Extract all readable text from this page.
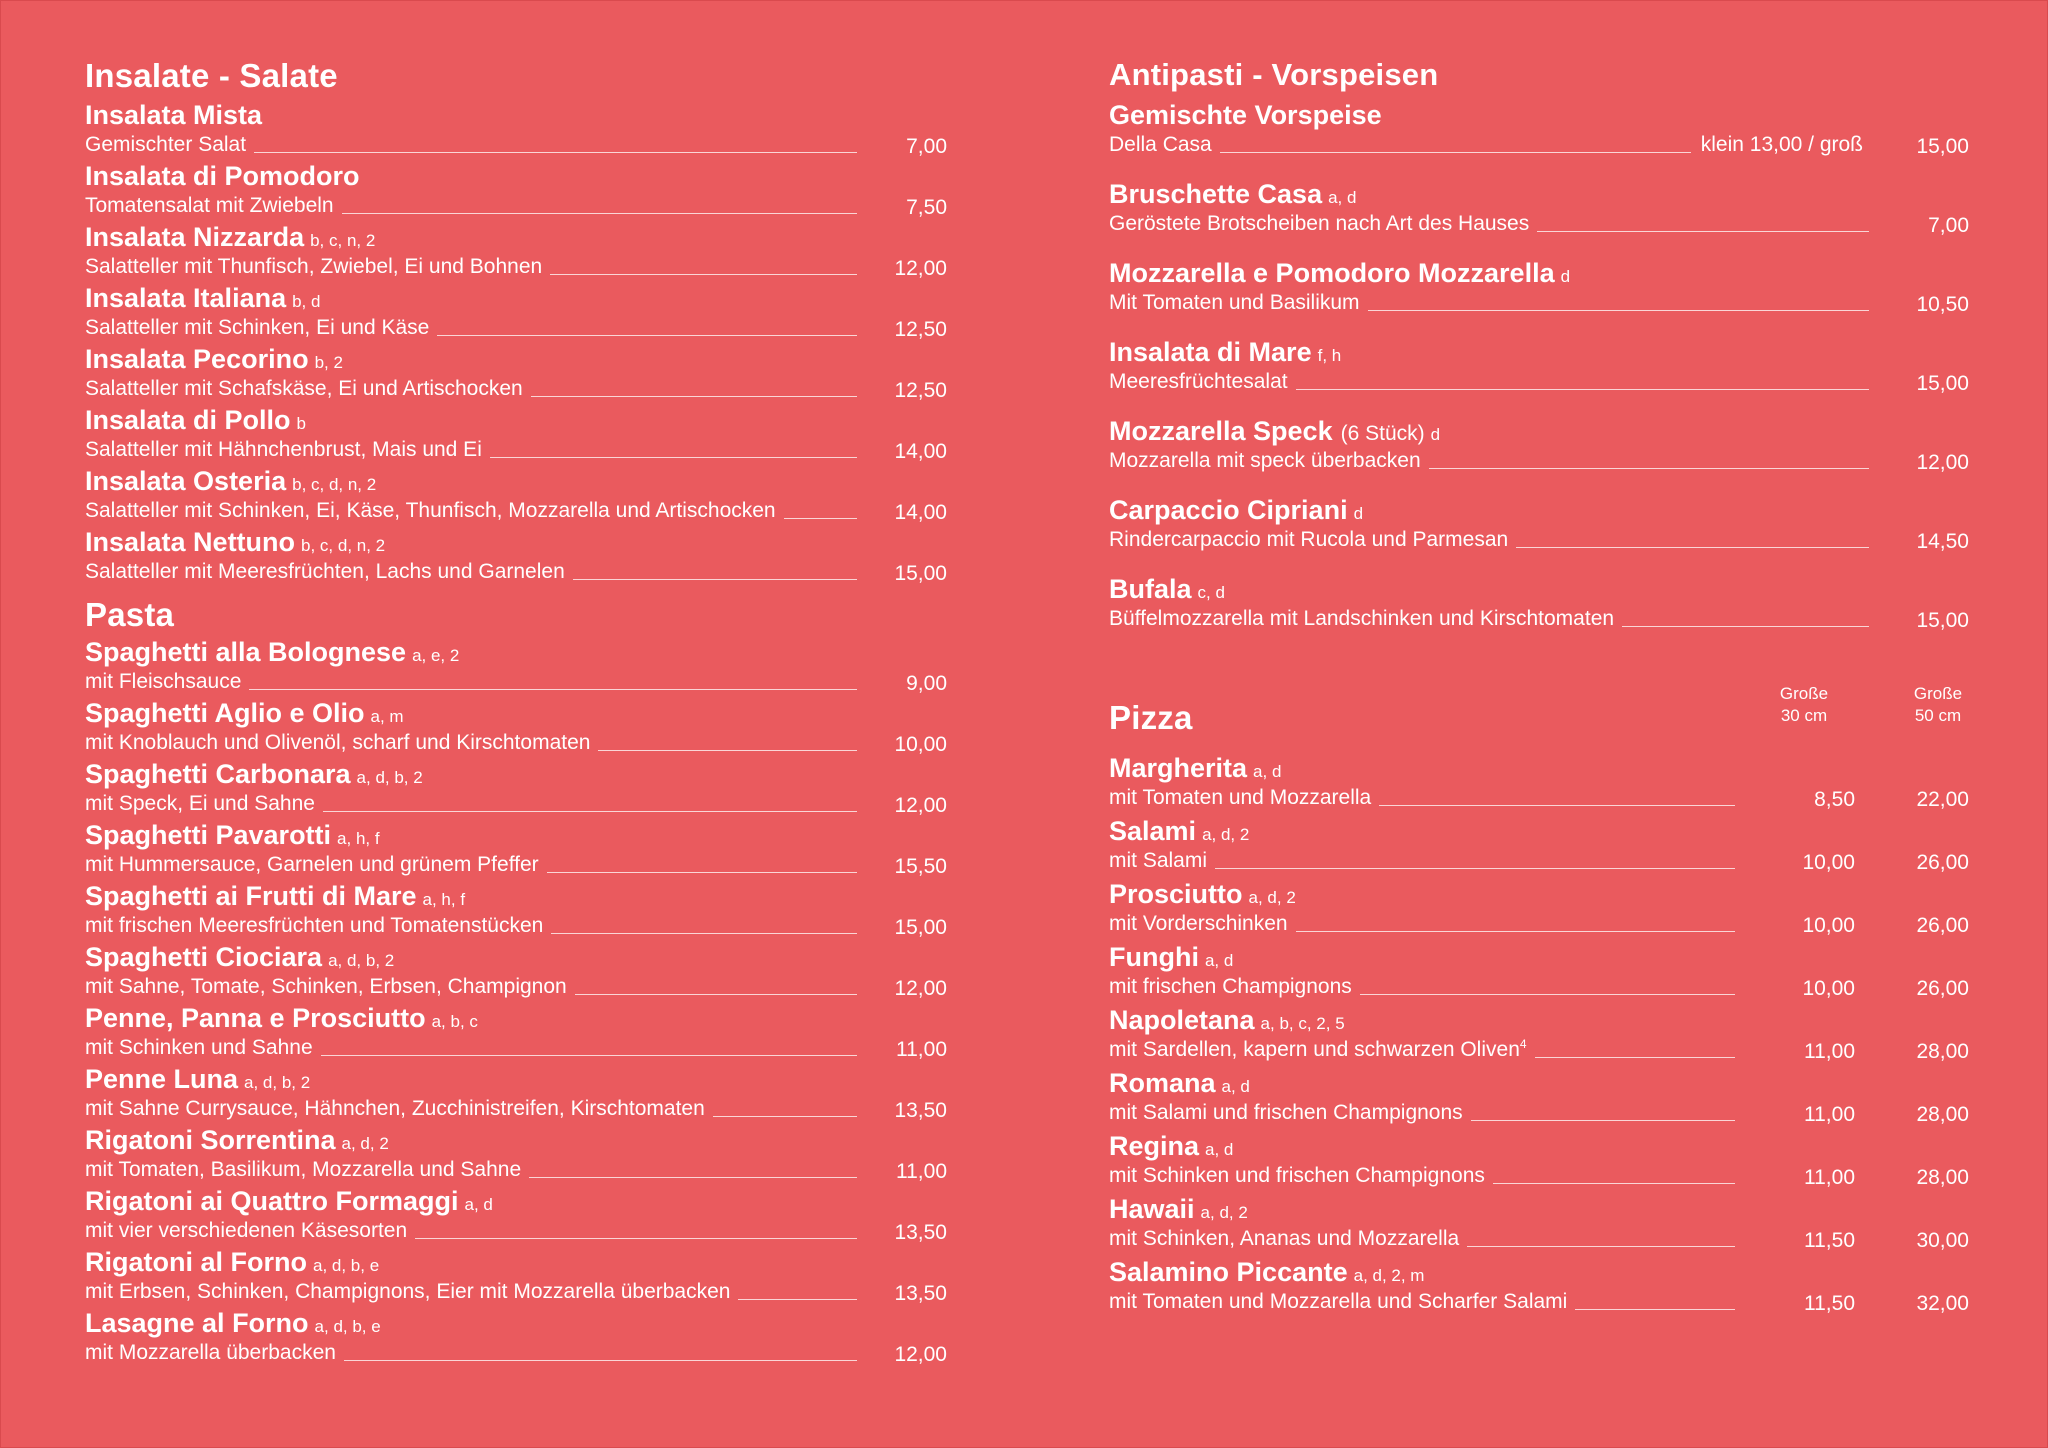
Insalate - Salate
Insalata Mista
Gemischter Salat	7,00
Insalata di Pomodoro
Tomatensalat mit Zwiebeln	7,50
Insalata Nizzarda b, c, n, 2
Salatteller mit Thunfisch, Zwiebel, Ei und Bohnen	12,00
Insalata Italiana b, d
Salatteller mit Schinken, Ei und Käse	12,50
Insalata Pecorino b, 2
Salatteller mit Schafskäse, Ei und Artischocken	12,50
Insalata di Pollo b
Salatteller mit Hähnchenbrust, Mais und Ei	14,00
Insalata Osteria b, c, d, n, 2
Salatteller mit Schinken, Ei, Käse, Thunfisch, Mozzarella und Artischocken	14,00
Insalata Nettuno b, c, d, n, 2
Salatteller mit Meeresfrüchten, Lachs und Garnelen	15,00
Pasta
Spaghetti alla Bolognese a, e, 2
mit Fleischsauce	9,00
Spaghetti Aglio e Olio a, m
mit Knoblauch und Olivenöl, scharf und Kirschtomaten	10,00
Spaghetti Carbonara a, d, b, 2
mit Speck, Ei und Sahne	12,00
Spaghetti Pavarotti a, h, f
mit Hummersauce, Garnelen und grünem Pfeffer	15,50
Spaghetti ai Frutti di Mare a, h, f
mit frischen Meeresfrüchten und Tomatenstücken	15,00
Spaghetti Ciociara a, d, b, 2
mit Sahne, Tomate, Schinken, Erbsen, Champignon	12,00
Penne, Panna e Prosciutto a, b, c
mit Schinken und Sahne	11,00
Penne Luna a, d, b, 2
mit Sahne Currysauce, Hähnchen, Zucchinistreifen, Kirschtomaten	13,50
Rigatoni Sorrentina a, d, 2
mit Tomaten, Basilikum, Mozzarella und Sahne	11,00
Rigatoni ai Quattro Formaggi a, d
mit vier verschiedenen Käsesorten	13,50
Rigatoni al Forno a, d, b, e
mit Erbsen, Schinken, Champignons, Eier mit Mozzarella überbacken	13,50
Lasagne al Forno a, d, b, e
mit Mozzarella überbacken	12,00
Antipasti - Vorspeisen
Gemischte Vorspeise
Della Casa	klein 13,00 / groß	15,00
Bruschette Casa a, d
Geröstete Brotscheiben nach Art des Hauses	7,00
Mozzarella e Pomodoro Mozzarella d
Mit Tomaten und Basilikum	10,50
Insalata di Mare f, h
Meeresfrüchtesalat	15,00
Mozzarella Speck (6 Stück) d
Mozzarella mit speck überbacken	12,00
Carpaccio Cipriani d
Rindercarpaccio mit Rucola und Parmesan	14,50
Bufala c, d
Büffelmozzarella mit Landschinken und Kirschtomaten	15,00
Pizza
Große
30 cm
Große
50 cm
Margherita a, d
mit Tomaten und Mozzarella	8,50	22,00
Salami a, d, 2
mit Salami	10,00	26,00
Prosciutto a, d, 2
mit Vorderschinken	10,00	26,00
Funghi a, d
mit frischen Champignons	10,00	26,00
Napoletana a, b, c, 2, 5
mit Sardellen, kapern und schwarzen Oliven$^4$	11,00	28,00
Romana a, d
mit Salami und frischen Champignons	11,00	28,00
Regina a, d
mit Schinken und frischen Champignons	11,00	28,00
Hawaii a, d, 2
mit Schinken, Ananas und Mozzarella	11,50	30,00
Salamino Piccante a, d, 2, m
mit Tomaten und Mozzarella und Scharfer Salami	11,50	32,00
